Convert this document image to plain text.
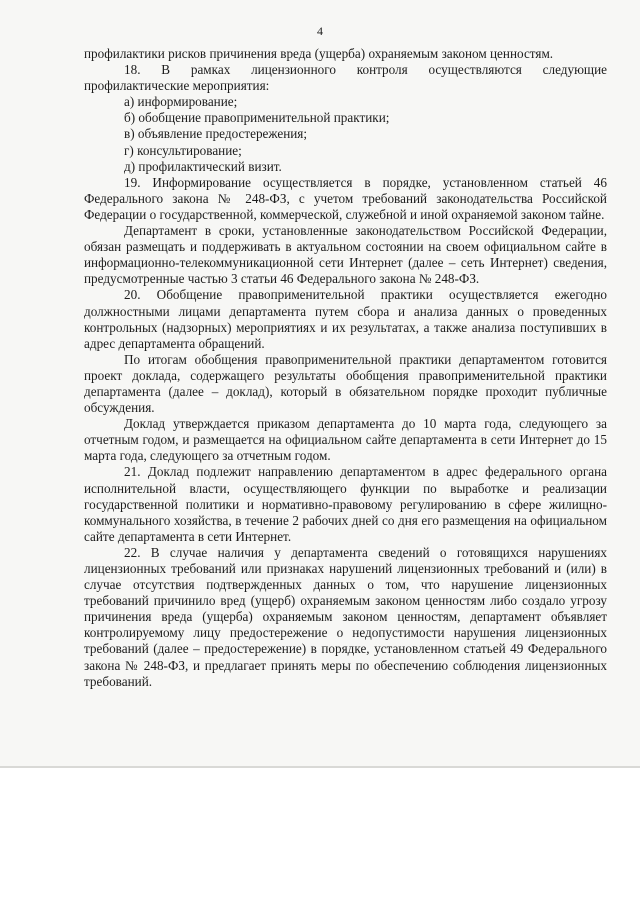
4

профилактики рисков причинения вреда (ущерба) охраняемым законом ценностям.

18. В рамках лицензионного контроля осуществляются следующие профилактические мероприятия:

а) информирование;

б) обобщение правоприменительной практики;

в) объявление предостережения;

г) консультирование;

д) профилактический визит.

19. Информирование осуществляется в порядке, установленном статьей 46 Федерального закона № 248-ФЗ, с учетом требований законодательства Российской Федерации о государственной, коммерческой, служебной и иной охраняемой законом тайне.

Департамент в сроки, установленные законодательством Российской Федерации, обязан размещать и поддерживать в актуальном состоянии на своем официальном сайте в информационно-телекоммуникационной сети Интернет (далее – сеть Интернет) сведения, предусмотренные частью 3 статьи 46 Федерального закона № 248-ФЗ.

20. Обобщение правоприменительной практики осуществляется ежегодно должностными лицами департамента путем сбора и анализа данных о проведенных контрольных (надзорных) мероприятиях и их результатах, а также анализа поступивших в адрес департамента обращений.

По итогам обобщения правоприменительной практики департаментом готовится проект доклада, содержащего результаты обобщения правоприменительной практики департамента (далее – доклад), который в обязательном порядке проходит публичные обсуждения.

Доклад утверждается приказом департамента до 10 марта года, следующего за отчетным годом, и размещается на официальном сайте департамента в сети Интернет до 15 марта года, следующего за отчетным годом.

21. Доклад подлежит направлению департаментом в адрес федерального органа исполнительной власти, осуществляющего функции по выработке и реализации государственной политики и нормативно-правовому регулированию в сфере жилищно-коммунального хозяйства, в течение 2 рабочих дней со дня его размещения на официальном сайте департамента в сети Интернет.

22. В случае наличия у департамента сведений о готовящихся нарушениях лицензионных требований или признаках нарушений лицензионных требований и (или) в случае отсутствия подтвержденных данных о том, что нарушение лицензионных требований причинило вред (ущерб) охраняемым законом ценностям либо создало угрозу причинения вреда (ущерба) охраняемым законом ценностям, департамент объявляет контролируемому лицу предостережение о недопустимости нарушения лицензионных требований (далее – предостережение) в порядке, установленном статьей 49 Федерального закона № 248-ФЗ, и предлагает принять меры по обеспечению соблюдения лицензионных требований.
